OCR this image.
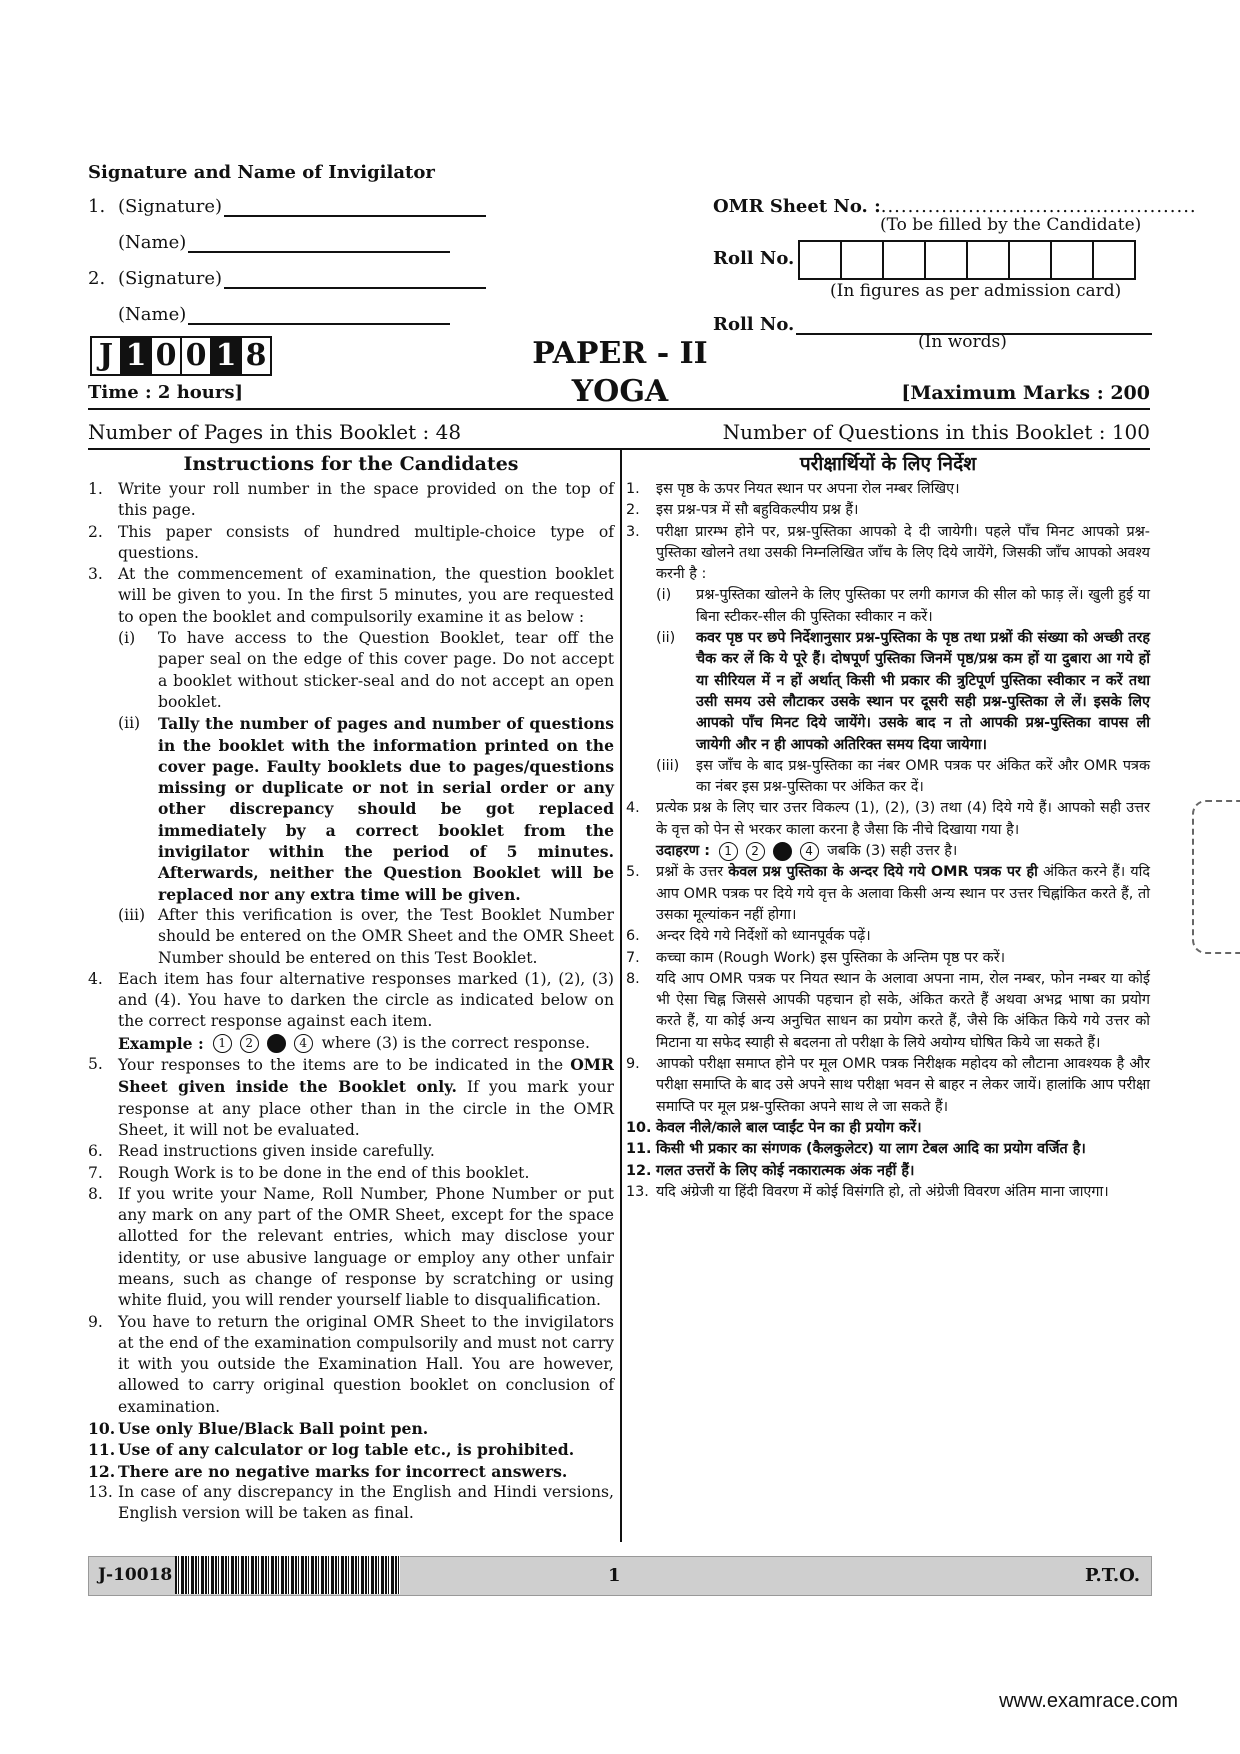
Signature and Name of Invigilator
1. (Signature)
(Name)
2. (Signature)
(Name)
OMR Sheet No. :...............................................
(To be filled by the Candidate)
Roll No.
(In figures as per admission card)
Roll No.
(In words)
J 1 0 0 1 8
Time : 2 hours]
PAPER - II
YOGA	[Maximum Marks : 200
Number of Pages in this Booklet : 48	Number of Questions in this Booklet : 100
Instructions for the Candidates
1. Write your roll number in the space provided on the top of this page.
2. This paper consists of hundred multiple-choice type of questions.
3. At the commencement of examination, the question booklet will be given to you. In the first 5 minutes, you are requested to open the booklet and compulsorily examine it as below :
(i)	To have access to the Question Booklet, tear off the paper seal on the edge of this cover page. Do not accept a booklet without sticker-seal and do not accept an open booklet.
(ii)	Tally the number of pages and number of questions in the booklet with the information printed on the cover page. Faulty booklets due to pages/questions missing or duplicate or not in serial order or any other discrepancy should be got replaced immediately by a correct booklet from the invigilator within the period of 5 minutes. Afterwards, neither the Question Booklet will be replaced nor any extra time will be given.
(iii) After this verification is over, the Test Booklet Number should be entered on the OMR Sheet and the OMR Sheet Number should be entered on this Test Booklet.
4. Each item has four alternative responses marked (1), (2), (3) and (4). You have to darken the circle as indicated below on the correct response against each item.
Example :
	1	2	4
where (3) is the correct response.
5. Your responses to the items are to be indicated in the OMR Sheet given inside the Booklet only. If you mark your response at any place other than in the circle in the OMR Sheet, it will not be evaluated.
6. Read instructions given inside carefully.
7. Rough Work is to be done in the end of this booklet.
8. If you write your Name, Roll Number, Phone Number or put any mark on any part of the OMR Sheet, except for the space allotted for the relevant entries, which may disclose your identity, or use abusive language or employ any other unfair means, such as change of response by scratching or using white fluid, you will render yourself liable to disqualification.
9. You have to return the original OMR Sheet to the invigilators at the end of the examination compulsorily and must not carry it with you outside the Examination Hall. You are however, allowed to carry original question booklet on conclusion of examination.
10. Use only Blue/Black Ball point pen.
11. Use of any calculator or log table etc., is prohibited.
12. There are no negative marks for incorrect answers.
13. In case of any discrepancy in the English and Hindi versions, English version will be taken as final.
परीक्षार्थियों के लिए निर्देश
1.	इस पृष्ठ के ऊपर नियत स्थान पर अपना रोल नम्बर लिखिए।
2.	इस प्रश्न-पत्र में सौ बहुविकल्पीय प्रश्न हैं।
3.	परीक्षा प्रारम्भ होने पर, प्रश्न-पुस्तिका आपको दे दी जायेगी। पहले पाँच मिनट आपको प्रश्न-पुस्तिका खोलने तथा उसकी निम्नलिखित जाँच के लिए दिये जायेंगे, जिसकी जाँच आपको अवश्य करनी है :
(i)	प्रश्न-पुस्तिका खोलने के लिए पुस्तिका पर लगी कागज की सील को फाड़ लें। खुली हुई या बिना स्टीकर-सील की पुस्तिका स्वीकार न करें।
(ii)	कवर पृष्ठ पर छपे निर्देशानुसार प्रश्न-पुस्तिका के पृष्ठ तथा प्रश्नों की संख्या को अच्छी तरह चैक कर लें कि ये पूरे हैं। दोषपूर्ण पुस्तिका जिनमें पृष्ठ/प्रश्न कम हों या दुबारा आ गये हों या सीरियल में न हों अर्थात् किसी भी प्रकार की त्रुटिपूर्ण पुस्तिका स्वीकार न करें तथा उसी समय उसे लौटाकर उसके स्थान पर दूसरी सही प्रश्न-पुस्तिका ले लें। इसके लिए आपको पाँच मिनट दिये जायेंगे। उसके बाद न तो आपकी प्रश्न-पुस्तिका वापस ली जायेगी और न ही आपको अतिरिक्त समय दिया जायेगा।
(iii)	इस जाँच के बाद प्रश्न-पुस्तिका का नंबर OMR पत्रक पर अंकित करें और OMR पत्रक का नंबर इस प्रश्न-पुस्तिका पर अंकित कर दें।
4.	प्रत्येक प्रश्न के लिए चार उत्तर विकल्प (1), (2), (3) तथा (4) दिये गये हैं। आपको सही उत्तर के वृत्त को पेन से भरकर काला करना है जैसा कि नीचे दिखाया गया है।
उदाहरण :
	1	2	4
जबकि (3) सही उत्तर है।
5.	प्रश्नों के उत्तर केवल प्रश्न पुस्तिका के अन्दर दिये गये OMR पत्रक पर ही अंकित करने हैं। यदि आप OMR पत्रक पर दिये गये वृत्त के अलावा किसी अन्य स्थान पर उत्तर चिह्नांकित करते हैं, तो उसका मूल्यांकन नहीं होगा।
6.	अन्दर दिये गये निर्देशों को ध्यानपूर्वक पढ़ें।
7.	कच्चा काम (Rough Work) इस पुस्तिका के अन्तिम पृष्ठ पर करें।
8.	यदि आप OMR पत्रक पर नियत स्थान के अलावा अपना नाम, रोल नम्बर, फोन नम्बर या कोई भी ऐसा चिह्न जिससे आपकी पहचान हो सके, अंकित करते हैं अथवा अभद्र भाषा का प्रयोग करते हैं, या कोई अन्य अनुचित साधन का प्रयोग करते हैं, जैसे कि अंकित किये गये उत्तर को मिटाना या सफेद स्याही से बदलना तो परीक्षा के लिये अयोग्य घोषित किये जा सकते हैं।
9.	आपको परीक्षा समाप्त होने पर मूल OMR पत्रक निरीक्षक महोदय को लौटाना आवश्यक है और परीक्षा समाप्ति के बाद उसे अपने साथ परीक्षा भवन से बाहर न लेकर जायें। हालांकि आप परीक्षा समाप्ति पर मूल प्रश्न-पुस्तिका अपने साथ ले जा सकते हैं।
10. केवल नीले/काले बाल प्वाईंट पेन का ही प्रयोग करें।
11. किसी भी प्रकार का संगणक (कैलकुलेटर) या लाग टेबल आदि का प्रयोग वर्जित है।
12. गलत उत्तरों के लिए कोई नकारात्मक अंक नहीं हैं।
13. यदि अंग्रेजी या हिंदी विवरण में कोई विसंगति हो, तो अंग्रेजी विवरण अंतिम माना जाएगा।
J-10018	1	P.T.O.
www.examrace.com
